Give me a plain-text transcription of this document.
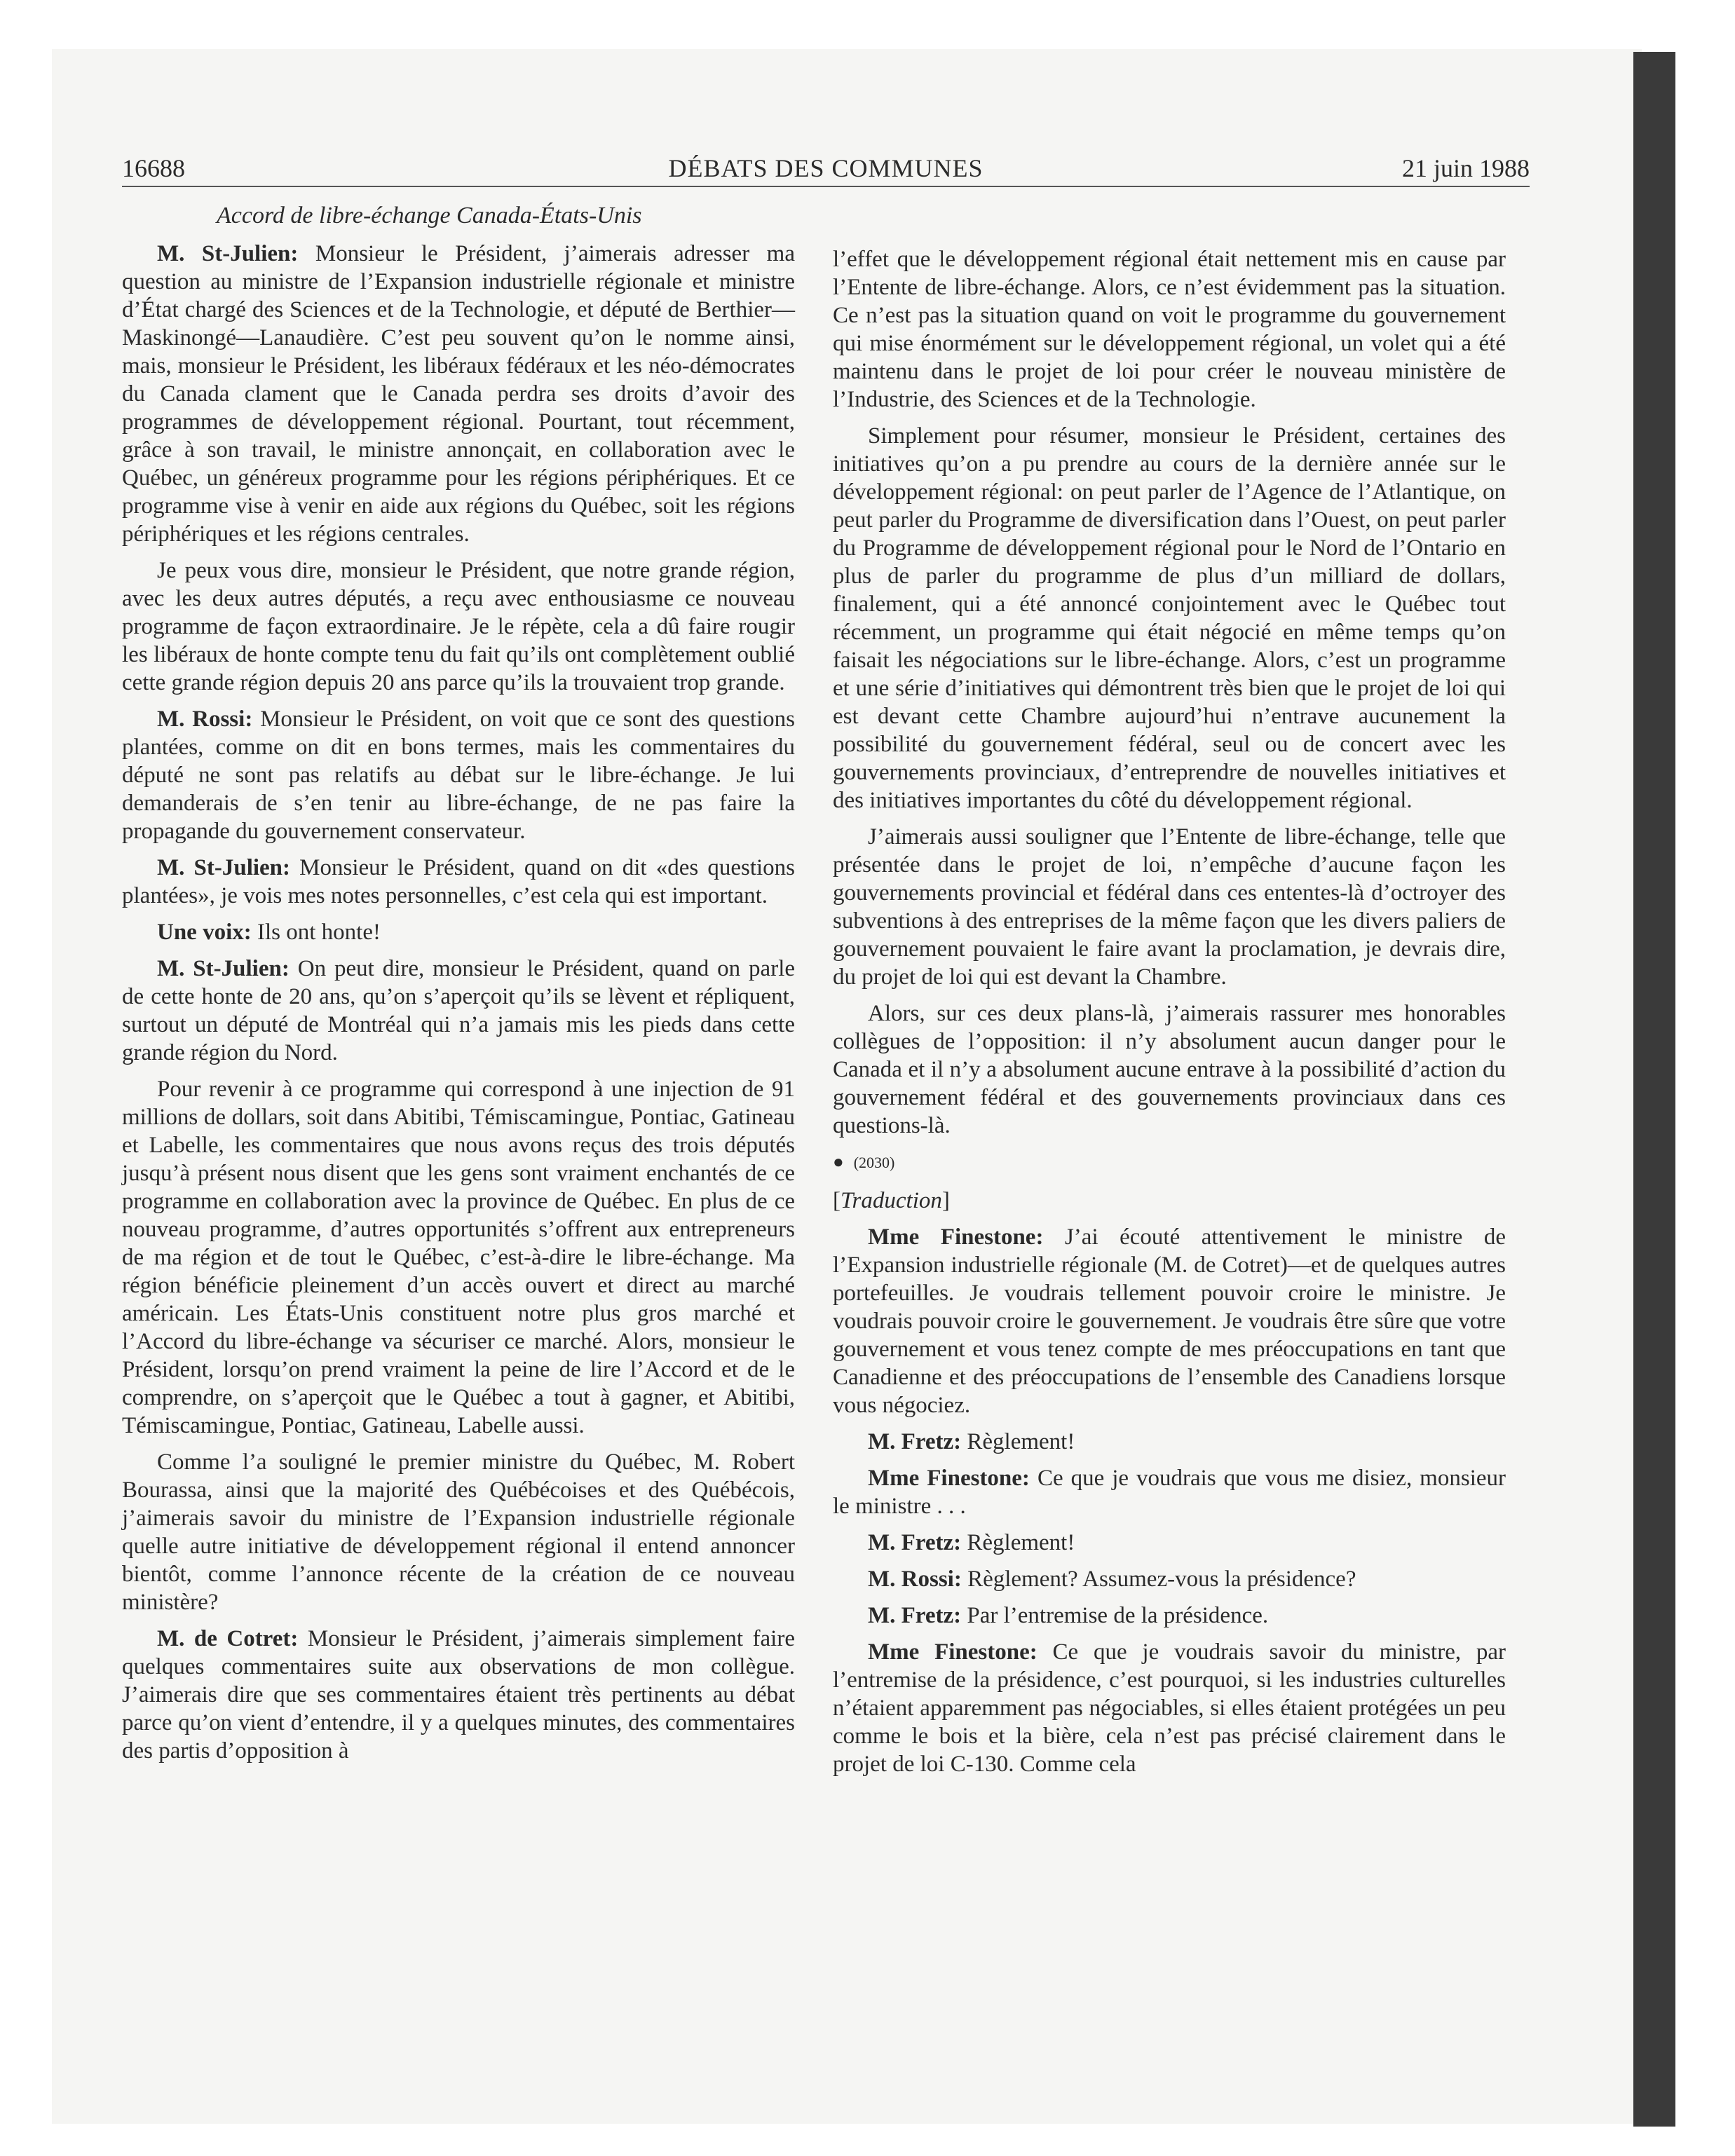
16688	DÉBATS DES COMMUNES	21 juin 1988
Accord de libre-échange Canada-États-Unis

M. St-Julien: Monsieur le Président, j’aimerais adresser ma question au ministre de l’Expansion industrielle régionale et ministre d’État chargé des Sciences et de la Technologie, et député de Berthier—Maskinongé—Lanaudière. C’est peu souvent qu’on le nomme ainsi, mais, monsieur le Président, les libéraux fédéraux et les néo-démocrates du Canada clament que le Canada perdra ses droits d’avoir des programmes de développement régional. Pourtant, tout récemment, grâce à son travail, le ministre annonçait, en collaboration avec le Québec, un généreux programme pour les régions périphériques. Et ce programme vise à venir en aide aux régions du Québec, soit les régions périphériques et les régions centrales.

Je peux vous dire, monsieur le Président, que notre grande région, avec les deux autres députés, a reçu avec enthousiasme ce nouveau programme de façon extraordinaire. Je le répète, cela a dû faire rougir les libéraux de honte compte tenu du fait qu’ils ont complètement oublié cette grande région depuis 20 ans parce qu’ils la trouvaient trop grande.

M. Rossi: Monsieur le Président, on voit que ce sont des questions plantées, comme on dit en bons termes, mais les commentaires du député ne sont pas relatifs au débat sur le libre-échange. Je lui demanderais de s’en tenir au libre-échange, de ne pas faire la propagande du gouvernement conservateur.

M. St-Julien: Monsieur le Président, quand on dit «des questions plantées», je vois mes notes personnelles, c’est cela qui est important.

Une voix: Ils ont honte!

M. St-Julien: On peut dire, monsieur le Président, quand on parle de cette honte de 20 ans, qu’on s’aperçoit qu’ils se lèvent et répliquent, surtout un député de Montréal qui n’a jamais mis les pieds dans cette grande région du Nord.

Pour revenir à ce programme qui correspond à une injection de 91 millions de dollars, soit dans Abitibi, Témiscamingue, Pontiac, Gatineau et Labelle, les commentaires que nous avons reçus des trois députés jusqu’à présent nous disent que les gens sont vraiment enchantés de ce programme en collaboration avec la province de Québec. En plus de ce nouveau programme, d’autres opportunités s’offrent aux entrepreneurs de ma région et de tout le Québec, c’est-à-dire le libre-échange. Ma région bénéficie pleinement d’un accès ouvert et direct au marché américain. Les États-Unis constituent notre plus gros marché et l’Accord du libre-échange va sécuriser ce marché. Alors, monsieur le Président, lorsqu’on prend vraiment la peine de lire l’Accord et de le comprendre, on s’aperçoit que le Québec a tout à gagner, et Abitibi, Témiscamingue, Pontiac, Gatineau, Labelle aussi.

Comme l’a souligné le premier ministre du Québec, M. Robert Bourassa, ainsi que la majorité des Québécoises et des Québécois, j’aimerais savoir du ministre de l’Expansion industrielle régionale quelle autre initiative de développement régional il entend annoncer bientôt, comme l’annonce récente de la création de ce nouveau ministère?

M. de Cotret: Monsieur le Président, j’aimerais simplement faire quelques commentaires suite aux observations de mon collègue. J’aimerais dire que ses commentaires étaient très pertinents au débat parce qu’on vient d’entendre, il y a quelques minutes, des commentaires des partis d’opposition à

l’effet que le développement régional était nettement mis en cause par l’Entente de libre-échange. Alors, ce n’est évidemment pas la situation. Ce n’est pas la situation quand on voit le programme du gouvernement qui mise énormément sur le développement régional, un volet qui a été maintenu dans le projet de loi pour créer le nouveau ministère de l’Industrie, des Sciences et de la Technologie.

Simplement pour résumer, monsieur le Président, certaines des initiatives qu’on a pu prendre au cours de la dernière année sur le développement régional: on peut parler de l’Agence de l’Atlantique, on peut parler du Programme de diversification dans l’Ouest, on peut parler du Programme de développement régional pour le Nord de l’Ontario en plus de parler du programme de plus d’un milliard de dollars, finalement, qui a été annoncé conjointement avec le Québec tout récemment, un programme qui était négocié en même temps qu’on faisait les négociations sur le libre-échange. Alors, c’est un programme et une série d’initiatives qui démontrent très bien que le projet de loi qui est devant cette Chambre aujourd’hui n’entrave aucunement la possibilité du gouvernement fédéral, seul ou de concert avec les gouvernements provinciaux, d’entreprendre de nouvelles initiatives et des initiatives importantes du côté du développement régional.

J’aimerais aussi souligner que l’Entente de libre-échange, telle que présentée dans le projet de loi, n’empêche d’aucune façon les gouvernements provincial et fédéral dans ces ententes-là d’octroyer des subventions à des entreprises de la même façon que les divers paliers de gouvernement pouvaient le faire avant la proclamation, je devrais dire, du projet de loi qui est devant la Chambre.

Alors, sur ces deux plans-là, j’aimerais rassurer mes honorables collègues de l’opposition: il n’y absolument aucun danger pour le Canada et il n’y a absolument aucune entrave à la possibilité d’action du gouvernement fédéral et des gouvernements provinciaux dans ces questions-là.

● (2030)

[Traduction]

Mme Finestone: J’ai écouté attentivement le ministre de l’Expansion industrielle régionale (M. de Cotret)—et de quelques autres portefeuilles. Je voudrais tellement pouvoir croire le ministre. Je voudrais pouvoir croire le gouvernement. Je voudrais être sûre que votre gouvernement et vous tenez compte de mes préoccupations en tant que Canadienne et des préoccupations de l’ensemble des Canadiens lorsque vous négociez.

M. Fretz: Règlement!

Mme Finestone: Ce que je voudrais que vous me disiez, monsieur le ministre . . .

M. Fretz: Règlement!

M. Rossi: Règlement? Assumez-vous la présidence?

M. Fretz: Par l’entremise de la présidence.

Mme Finestone: Ce que je voudrais savoir du ministre, par l’entremise de la présidence, c’est pourquoi, si les industries culturelles n’étaient apparemment pas négociables, si elles étaient protégées un peu comme le bois et la bière, cela n’est pas précisé clairement dans le projet de loi C-130. Comme cela
